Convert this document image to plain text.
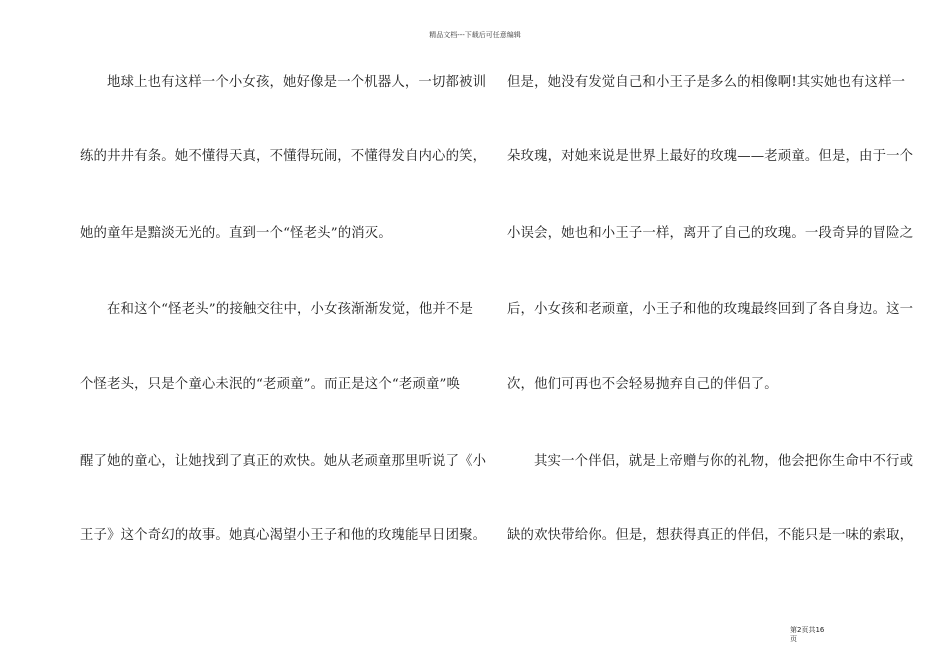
精品文档---下载后可任意编辑
地球上也有这样一个小女孩，她好像是一个机器人，一切都被训
练的井井有条。她不懂得天真，不懂得玩闹，不懂得发自内心的笑，
她的童年是黯淡无光的。直到一个“怪老头”的消灭。
在和这个“怪老头”的接触交往中，小女孩渐渐发觉，他并不是
个怪老头，只是个童心未泯的“老顽童”。而正是这个“老顽童”唤
醒了她的童心，让她找到了真正的欢快。她从老顽童那里听说了《小
王子》这个奇幻的故事。她真心渴望小王子和他的玫瑰能早日团聚。
但是，她没有发觉自己和小王子是多么的相像啊!其实她也有这样一
朵玫瑰，对她来说是世界上最好的玫瑰——老顽童。但是，由于一个
小误会，她也和小王子一样，离开了自己的玫瑰。一段奇异的冒险之
后，小女孩和老顽童，小王子和他的玫瑰最终回到了各自身边。这一
次，他们可再也不会轻易抛弃自己的伴侣了。
其实一个伴侣，就是上帝赠与你的礼物，他会把你生命中不行或
缺的欢快带给你。但是，想获得真正的伴侣，不能只是一味的索取，
第2页共16
页
